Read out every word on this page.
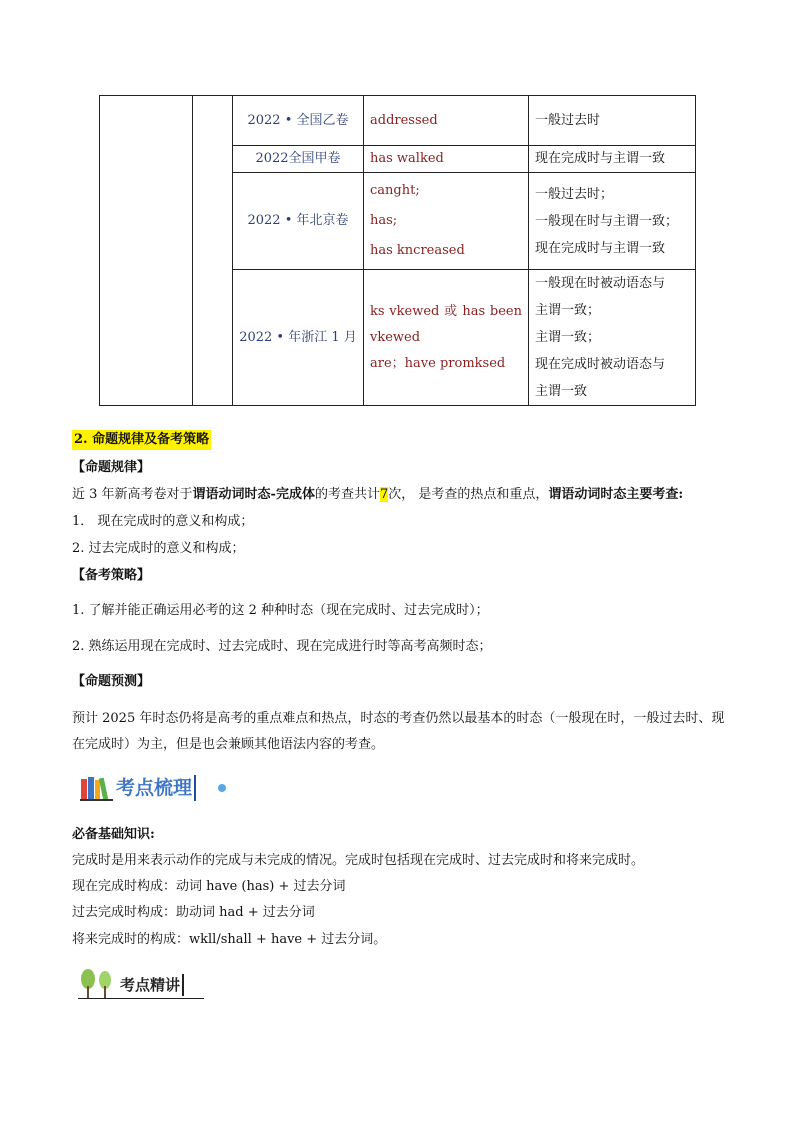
		2022 • 全国乙卷	addressed	一般过去时

		2022全国甲卷	has walked	现在完成时与主谓一致

		2022 • 年北京卷	canght;
has;
has kncreased	一般过去时；
一般现在时与主谓一致；
现在完成时与主谓一致

		2022 • 年浙江 1 月	ks vkewed 或 has been
vkewed
are；have promksed	一般现在时被动语态与
主谓一致；
主谓一致；
现在完成时被动语态与
主谓一致
2. 命题规律及备考策略
【命题规律】
近 3 年新高考卷对于谓语动词时态-完成体的考查共计7次， 是考查的热点和重点，谓语动词时态主要考查:
1． 现在完成时的意义和构成；
2. 过去完成时的意义和构成；
【备考策略】
1. 了解并能正确运用必考的这 2 种种时态（现在完成时、过去完成时）；
2. 熟练运用现在完成时、过去完成时、现在完成进行时等高考高频时态；
【命题预测】
预计 2025 年时态仍将是高考的重点难点和热点，时态的考查仍然以最基本的时态（一般现在时，一般过去时、现在完成时）为主，但是也会兼顾其他语法内容的考查。
考点梳理
必备基础知识:
完成时是用来表示动作的完成与未完成的情况。完成时包括现在完成时、过去完成时和将来完成时。
现在完成时构成：动词 have (has) + 过去分词
过去完成时构成：助动词 had + 过去分词
将来完成时的构成：wkll/shall + have + 过去分词。
考点精讲
